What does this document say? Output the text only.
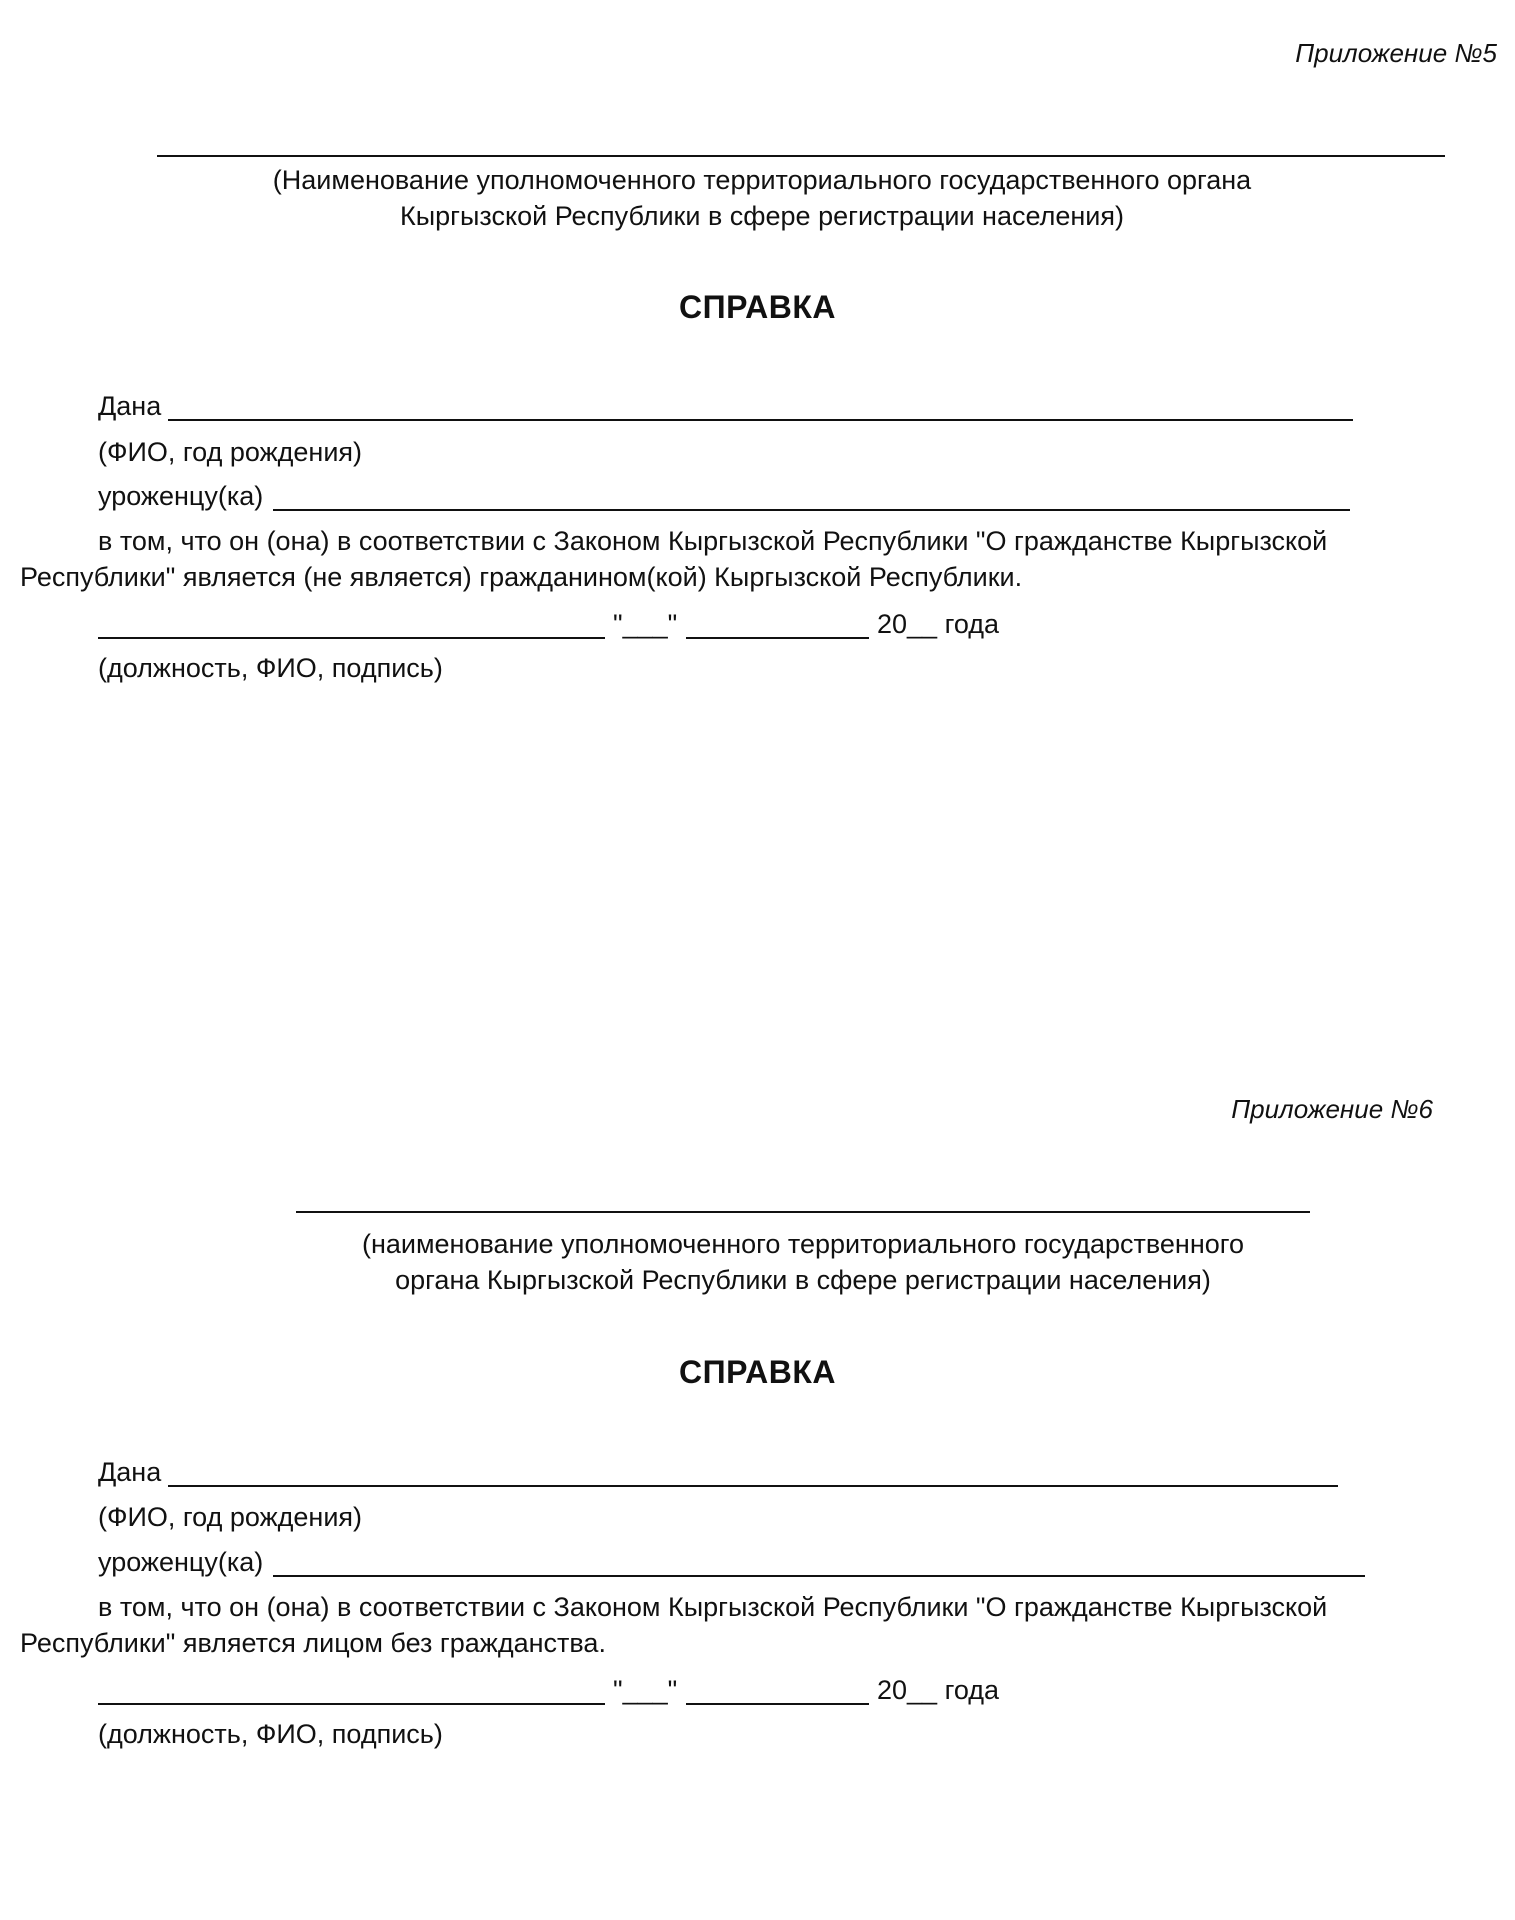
Приложение №5
(Наименование уполномоченного территориального государственного органа
Кыргызской Республики в сфере регистрации населения)
СПРАВКА
Дана
(ФИО, год рождения)
уроженцу(ка)
в том, что он (она) в соответствии с Законом Кыргызской Республики "О гражданстве Кыргызской
Республики" является (не является) гражданином(кой) Кыргызской Республики.
"___"	20__ года
(должность, ФИО, подпись)
Приложение №6
(наименование уполномоченного территориального государственного
органа Кыргызской Республики в сфере регистрации населения)
СПРАВКА
Дана
(ФИО, год рождения)
уроженцу(ка)
в том, что он (она) в соответствии с Законом Кыргызской Республики "О гражданстве Кыргызской
Республики" является лицом без гражданства.
"___"	20__ года
(должность, ФИО, подпись)
